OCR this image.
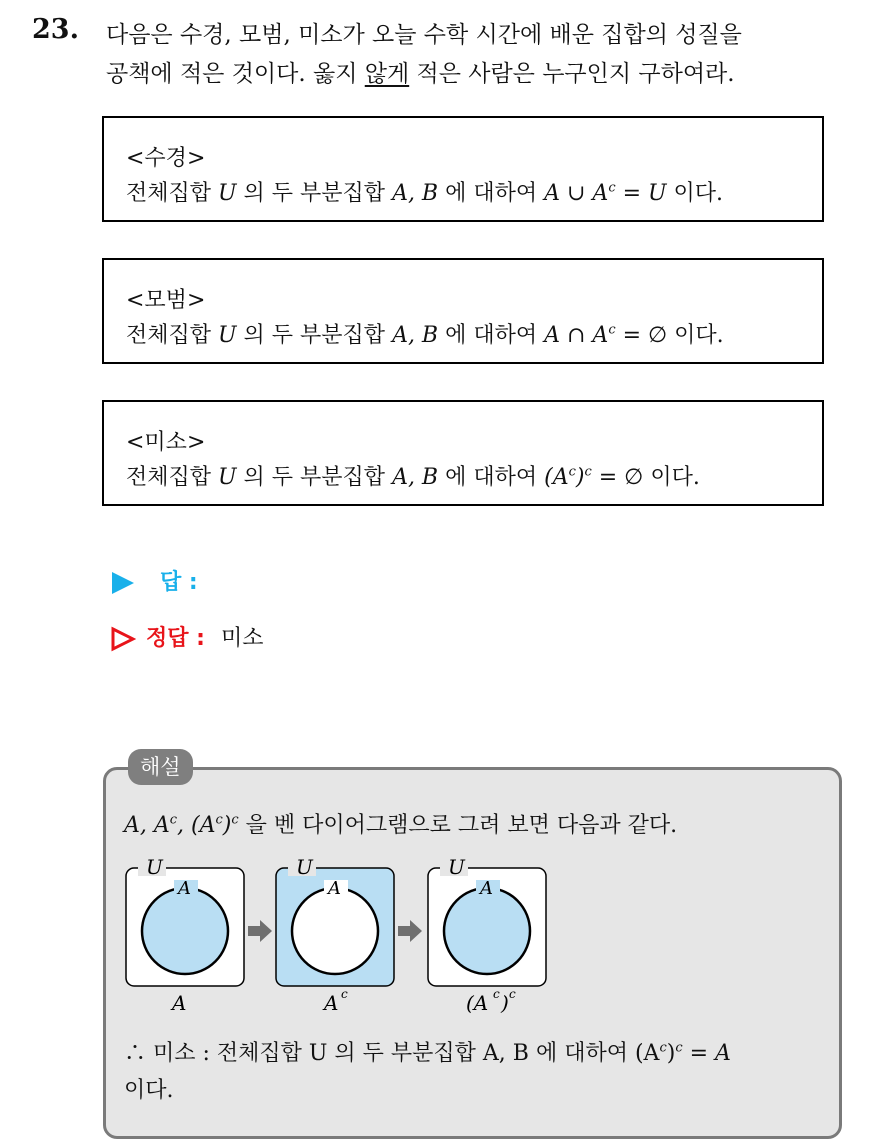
23. 다음은 수경, 모범, 미소가 오늘 수학 시간에 배운 집합의 성질을
공책에 적은 것이다. 옳지 않게 적은 사람은 누구인지 구하여라.
<수경>
전체집합 U 의 두 부분집합 A, B 에 대하여 A ∪ $A^c = U$ 이다.
<모범>
전체집합 U 의 두 부분집합 A, B 에 대하여 A ∩ $A^c$ = ∅ 이다.
<미소>
전체집합 U 의 두 부분집합 A, B 에 대하여 $(A^c)^c$ = ∅ 이다.
답 :
정답 : 미소
해설
A, $A^c$, $(A^c)^c$ 을 벤 다이어그램으로 그려 보면 다음과 같다.
U
A
A
U
A
A c
U
A
(A c ) c
∴ 미소 : 전체집합 U 의 두 부분집합 A, B 에 대하여 $(A^c)^c = A$
이다.
